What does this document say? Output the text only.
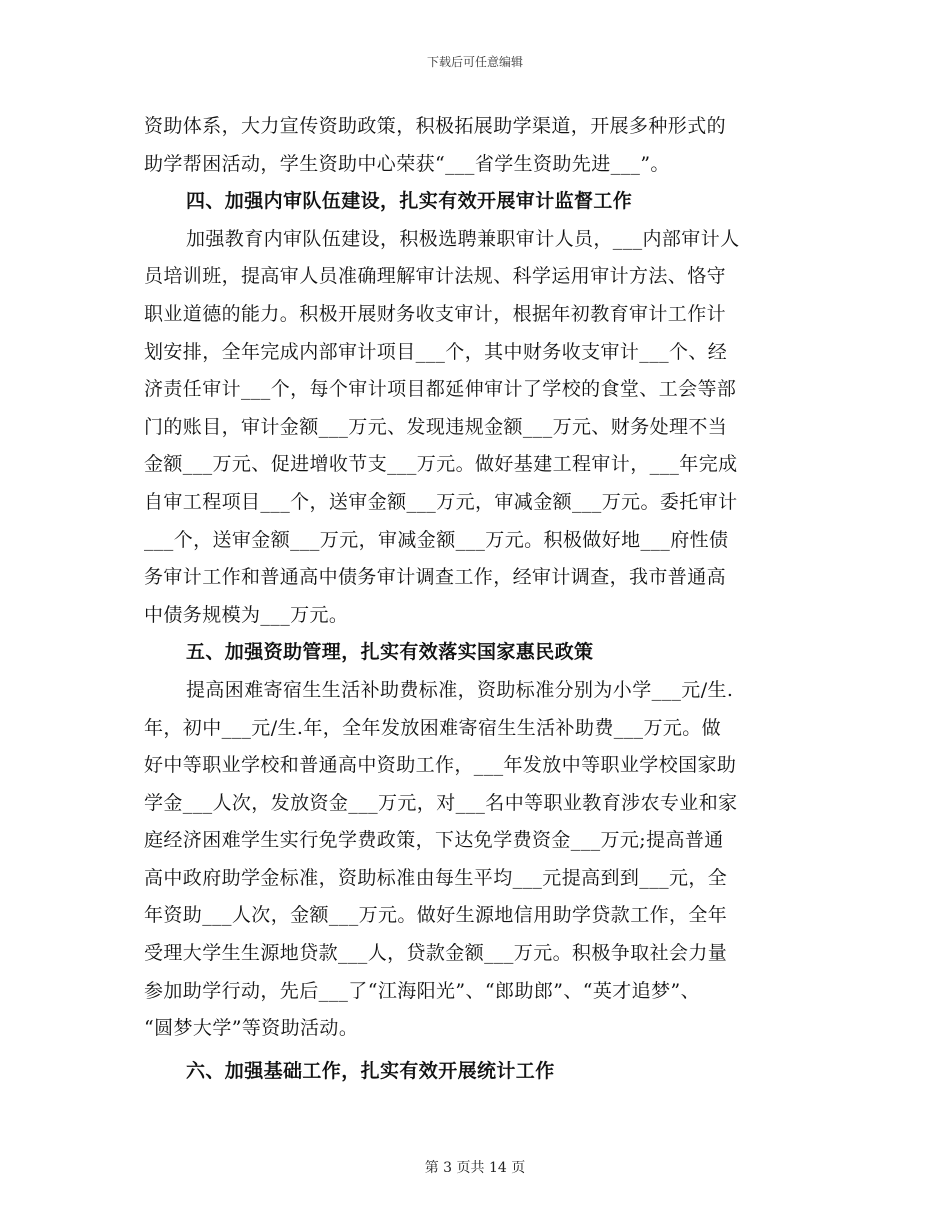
下载后可任意编辑
资助体系，大力宣传资助政策，积极拓展助学渠道，开展多种形式的
助学帮困活动，学生资助中心荣获“___省学生资助先进___”。
四、加强内审队伍建设，扎实有效开展审计监督工作
加强教育内审队伍建设，积极选聘兼职审计人员，___内部审计人
员培训班，提高审人员准确理解审计法规、科学运用审计方法、恪守
职业道德的能力。积极开展财务收支审计，根据年初教育审计工作计
划安排，全年完成内部审计项目___个，其中财务收支审计___个、经
济责任审计___个，每个审计项目都延伸审计了学校的食堂、工会等部
门的账目，审计金额___万元、发现违规金额___万元、财务处理不当
金额___万元、促进增收节支___万元。做好基建工程审计，___年完成
自审工程项目___个，送审金额___万元，审减金额___万元。委托审计
___个，送审金额___万元，审减金额___万元。积极做好地___府性债
务审计工作和普通高中债务审计调查工作，经审计调查，我市普通高
中债务规模为___万元。
五、加强资助管理，扎实有效落实国家惠民政策
提高困难寄宿生生活补助费标准，资助标准分别为小学___元/生.
年，初中___元/生.年，全年发放困难寄宿生生活补助费___万元。做
好中等职业学校和普通高中资助工作，___年发放中等职业学校国家助
学金___人次，发放资金___万元，对___名中等职业教育涉农专业和家
庭经济困难学生实行免学费政策，下达免学费资金___万元;提高普通
高中政府助学金标准，资助标准由每生平均___元提高到到___元，全
年资助___人次，金额___万元。做好生源地信用助学贷款工作，全年
受理大学生生源地贷款___人，贷款金额___万元。积极争取社会力量
参加助学行动，先后___了“江海阳光”、“郎助郎”、“英才追梦”、
“圆梦大学”等资助活动。
六、加强基础工作，扎实有效开展统计工作
第 3 页共 14 页
